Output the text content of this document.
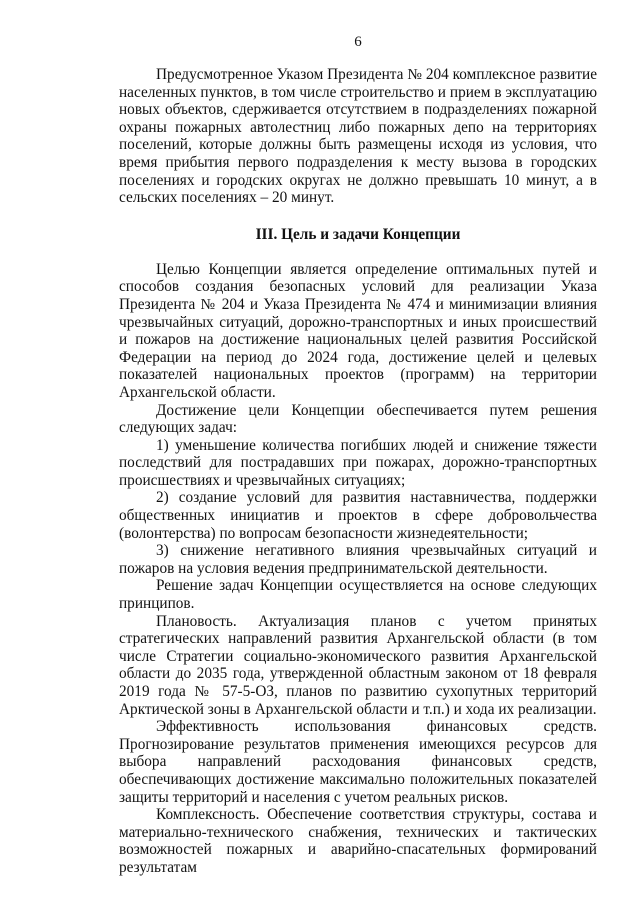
6

Предусмотренное Указом Президента № 204 комплексное развитие населенных пунктов, в том числе строительство и прием в эксплуатацию новых объектов, сдерживается отсутствием в подразделениях пожарной охраны пожарных автолестниц либо пожарных депо на территориях поселений, которые должны быть размещены исходя из условия, что время прибытия первого подразделения к месту вызова в городских поселениях и городских округах не должно превышать 10 минут, а в сельских поселениях – 20 минут.

III. Цель и задачи Концепции

Целью Концепции является определение оптимальных путей и способов создания безопасных условий для реализации Указа Президента № 204 и Указа Президента № 474 и минимизации влияния чрезвычайных ситуаций, дорожно-транспортных и иных происшествий и пожаров на достижение национальных целей развития Российской Федерации на период до 2024 года, достижение целей и целевых показателей национальных проектов (программ) на территории Архангельской области.

Достижение цели Концепции обеспечивается путем решения следующих задач:

1) уменьшение количества погибших людей и снижение тяжести последствий для пострадавших при пожарах, дорожно-транспортных происшествиях и чрезвычайных ситуациях;

2) создание условий для развития наставничества, поддержки общественных инициатив и проектов в сфере добровольчества (волонтерства) по вопросам безопасности жизнедеятельности;

3) снижение негативного влияния чрезвычайных ситуаций и пожаров на условия ведения предпринимательской деятельности.

Решение задач Концепции осуществляется на основе следующих принципов.

Плановость. Актуализация планов с учетом принятых стратегических направлений развития Архангельской области (в том числе Стратегии социально-экономического развития Архангельской области до 2035 года, утвержденной областным законом от 18 февраля 2019 года № 57-5-ОЗ, планов по развитию сухопутных территорий Арктической зоны в Архангельской области и т.п.) и хода их реализации.

Эффективность использования финансовых средств. Прогнозирование результатов применения имеющихся ресурсов для выбора направлений расходования финансовых средств, обеспечивающих достижение максимально положительных показателей защиты территорий и населения с учетом реальных рисков.

Комплексность. Обеспечение соответствия структуры, состава и материально-технического снабжения, технических и тактических возможностей пожарных и аварийно-спасательных формирований результатам
